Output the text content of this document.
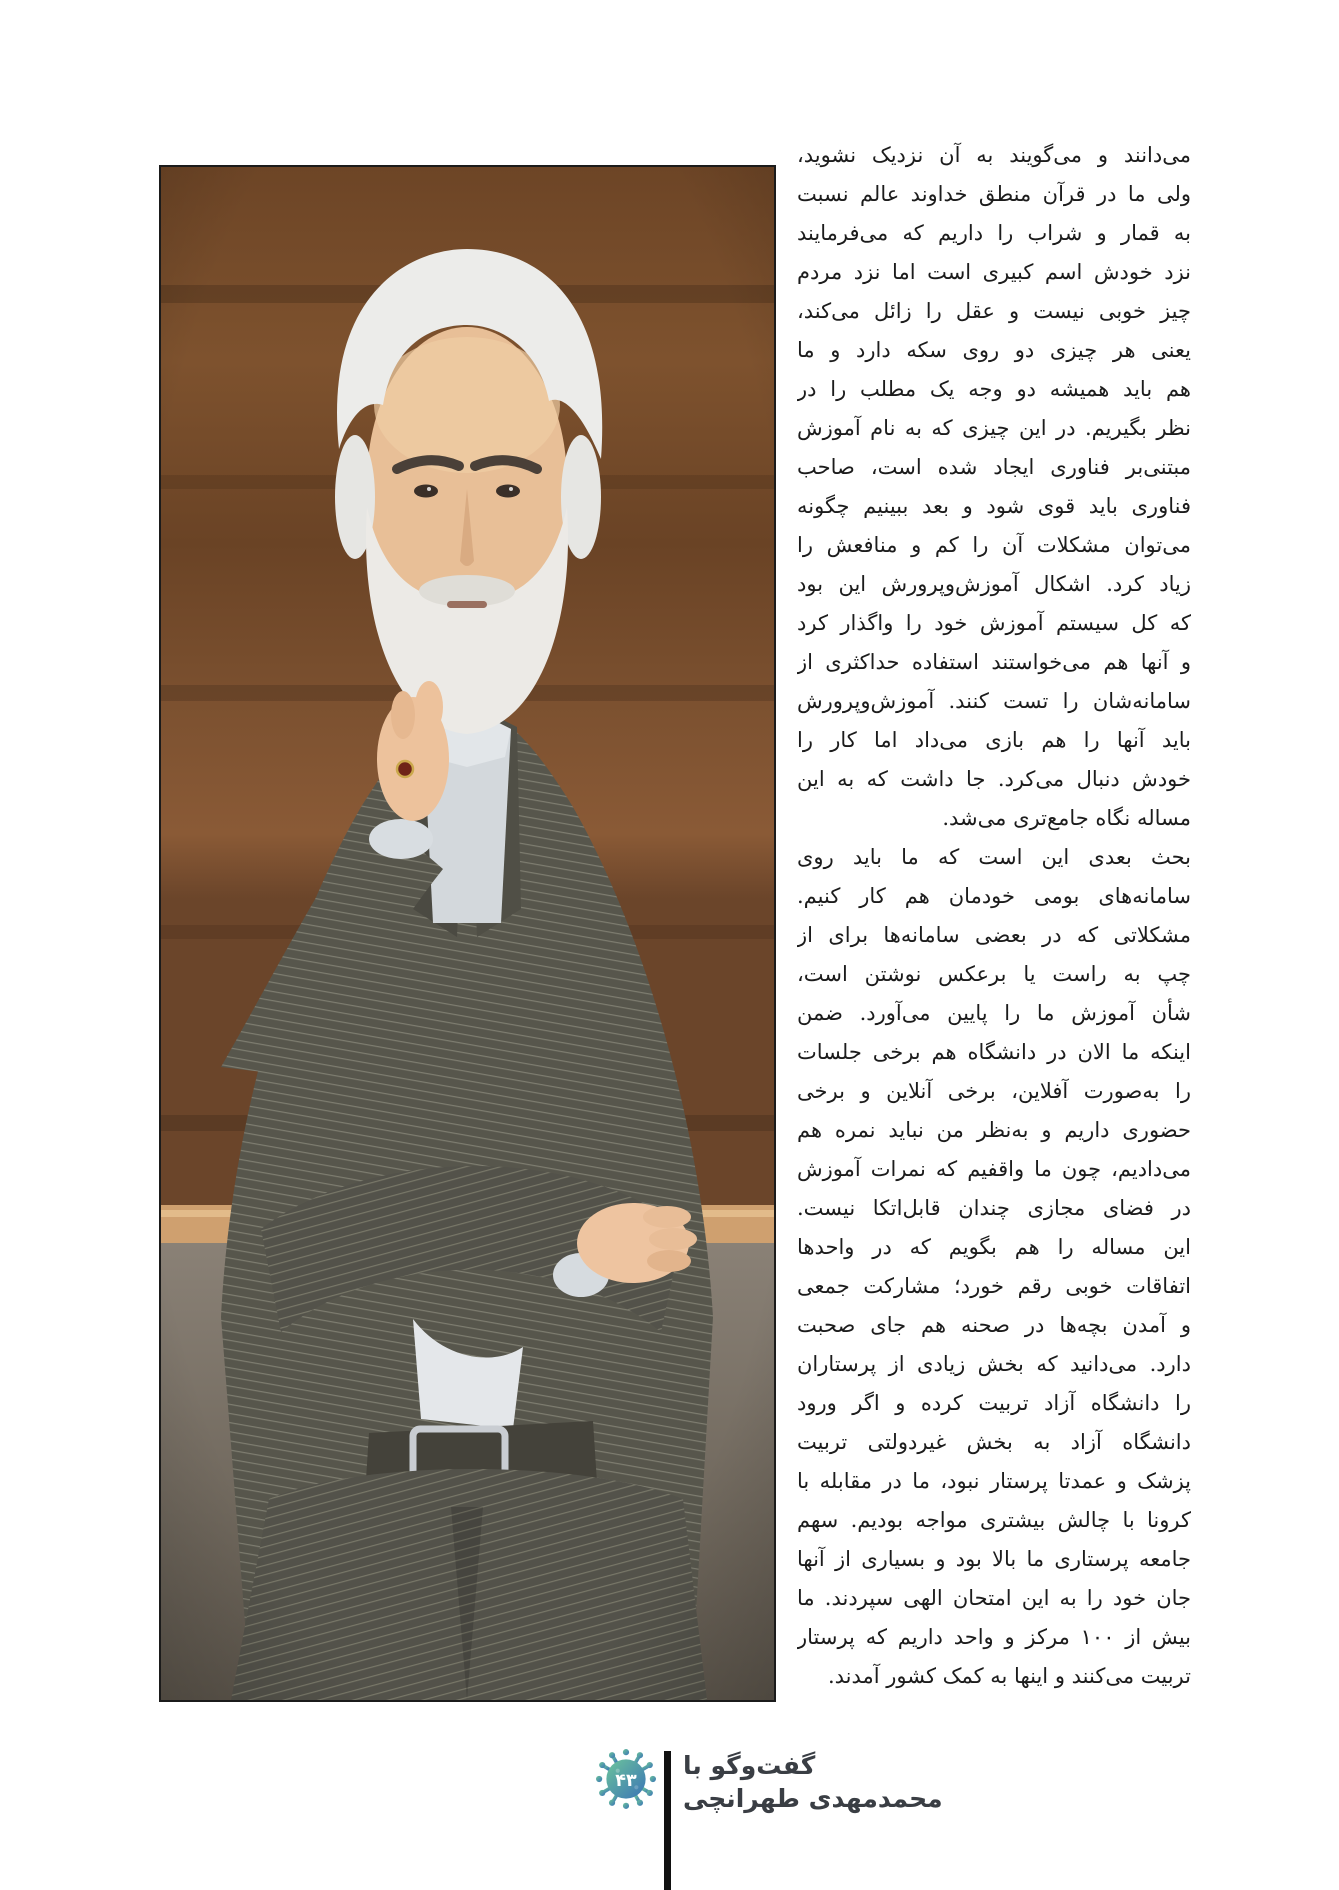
می‌دانند و می‌گویند به آن نزدیک نشوید،
ولی ما در قرآن منطق خداوند عالم نسبت
به قمار و شراب را داریم که می‌فرمایند
نزد خودش اسم کبیری است اما نزد مردم
چیز خوبی نیست و عقل را زائل می‌کند،
یعنی هر چیزی دو روی سکه دارد و ما
هم باید همیشه دو وجه یک مطلب را در
نظر بگیریم. در این چیزی که به نام آموزش
مبتنی‌بر فناوری ایجاد شده است، صاحب
فناوری باید قوی شود و بعد ببینیم چگونه
می‌توان مشکلات آن را کم و منافعش را
زیاد کرد. اشکال آموزش‌وپرورش این بود
که کل سیستم آموزش خود را واگذار کرد
و آنها هم می‌خواستند استفاده حداکثری از
سامانه‌شان را تست کنند. آموزش‌وپرورش
باید آنها را هم بازی می‌داد اما کار را
خودش دنبال می‌کرد. جا داشت که به این
مساله نگاه جامع‌تری می‌شد.
بحث بعدی این است که ما باید روی
سامانه‌های بومی خودمان هم کار کنیم.
مشکلاتی که در بعضی سامانه‌ها برای از
چپ به راست یا برعکس نوشتن است،
شأن آموزش ما را پایین می‌آورد. ضمن
اینکه ما الان در دانشگاه هم برخی جلسات
را به‌صورت آفلاین، برخی آنلاین و برخی
حضوری داریم و به‌نظر من نباید نمره هم
می‌دادیم، چون ما واقفیم که نمرات آموزش
در فضای مجازی چندان قابل‌اتکا نیست.
این مساله را هم بگویم که در واحدها
اتفاقات خوبی رقم خورد؛ مشارکت جمعی
و آمدن بچه‌ها در صحنه هم جای صحبت
دارد. می‌دانید که بخش زیادی از پرستاران
را دانشگاه آزاد تربیت کرده و اگر ورود
دانشگاه آزاد به بخش غیردولتی تربیت
پزشک و عمدتا پرستار نبود، ما در مقابله با
کرونا با چالش بیشتری مواجه بودیم. سهم
جامعه پرستاری ما بالا بود و بسیاری از آنها
جان خود را به این امتحان الهی سپردند. ما
بیش از ۱۰۰ مرکز و واحد داریم که پرستار
تربیت می‌کنند و اینها به کمک کشور آمدند.
۴۳
گفت‌وگو با
محمدمهدی طهرانچی
